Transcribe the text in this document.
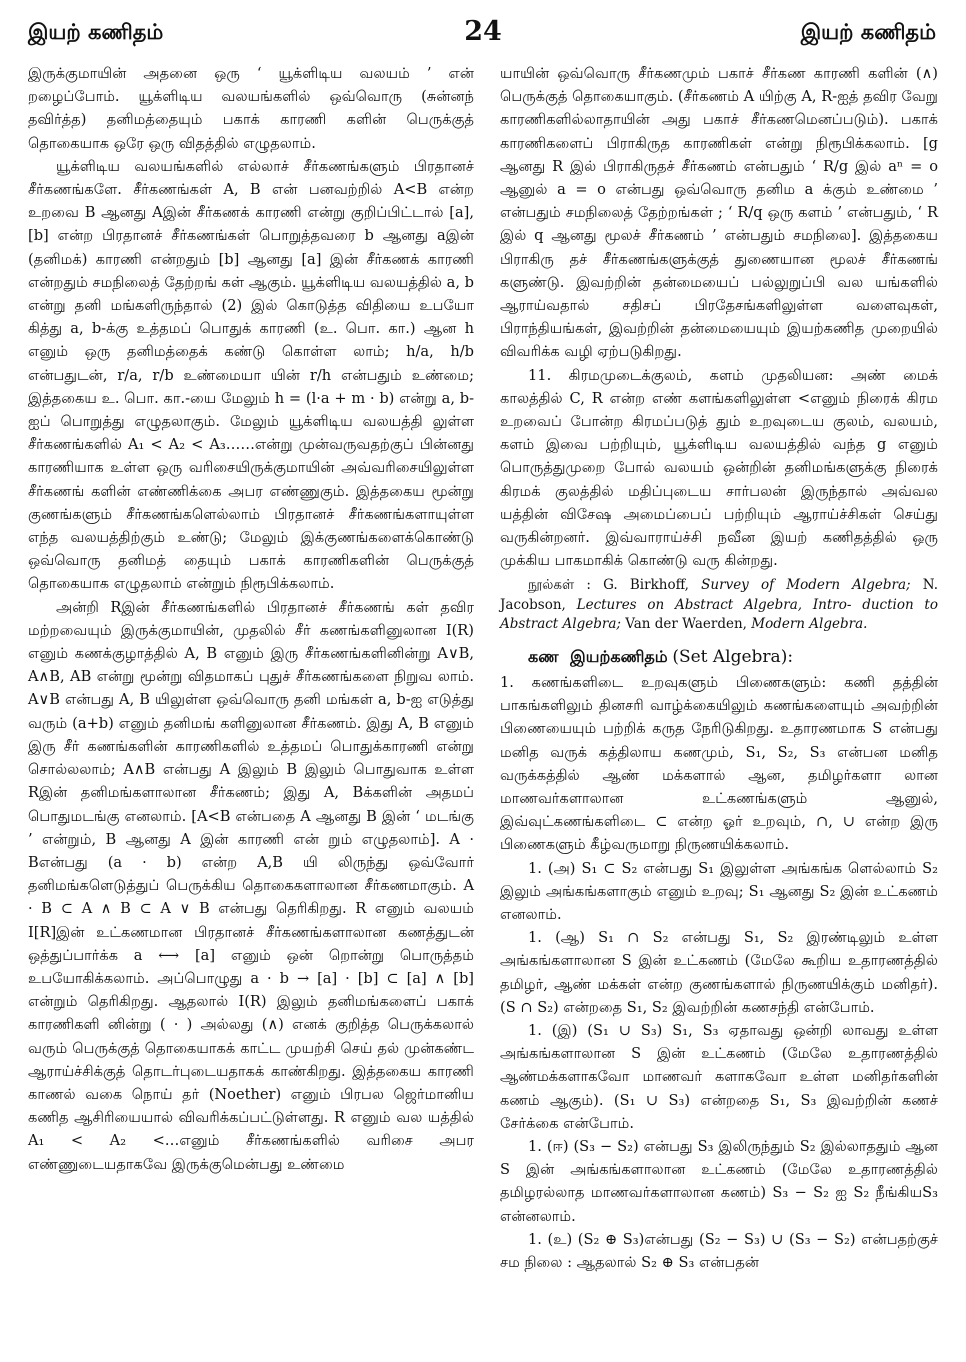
இயற் கணிதம்	24	இயற் கணிதம்

இருக்குமாயின் அதனை ஒரு ‘ யூக்ளிடிய வலயம் ’ என் றழைப்போம். யூக்ளிடிய வலயங்களில் ஒவ்வொரு (சுன்னந் தவிர்த்த) தனிமத்தையும் பகாக் காரணி களின் பெருக்குத் தொகையாக ஒரே ஒரு விதத்தில் எழுதலாம்.

யூக்ளிடிய வலயங்களில் எல்லாச் சீர்கணங்களும் பிரதானச் சீர்கணங்களே. சீர்கணங்கள் A, B என் பனவற்றில் A<B என்ற உறவை B ஆனது Aஇன் சீர்கணக் காரணி என்று குறிப்பிட்டால் [a], [b] என்ற பிரதானச் சீர்கணங்கள் பொறுத்தவரை b ஆனது aஇன் (தனிமக்) காரணி என்றதும் [b] ஆனது [a] இன் சீர்கணக் காரணி என்றதும் சமநிலைத் தேற்றங் கள் ஆகும். யூக்ளிடிய வலயத்தில் a, b என்று தனி மங்களிருந்தால் (2) இல் கொடுத்த விதியை உபயோ கித்து a, b-க்கு உத்தமப் பொதுக் காரணி (உ. பொ. கா.) ஆன h எனும் ஒரு தனிமத்தைக் கண்டு கொள்ள லாம்; h/a, h/b என்பதுடன், r/a, r/b உண்மையா யின் r/h என்பதும் உண்மை; இத்தகைய உ. பொ. கா.-யை மேலும் h = (l·a + m · b) என்று a, b-ஐப் பொறுத்து எழுதலாகும். மேலும் யூக்ளிடிய வலயத்தி லுள்ள சீர்கணங்களில் A₁ < A₂ < A₃……என்று முன்வருவதற்குப் பின்னது காரணியாக உள்ள ஒரு வரிசையிருக்குமாயின் அவ்வரிசையிலுள்ள சீர்கணங் களின் எண்ணிக்கை அபர எண்ணுகும். இத்தகைய மூன்று குணங்களும் சீர்கணங்களெல்லாம் பிரதானச் சீர்கணங்களாயுள்ள எந்த வலயத்திற்கும் உண்டு; மேலும் இக்குணங்களைக்கொண்டு ஒவ்வொரு தனிமத் தையும் பகாக் காரணிகளின் பெருக்குத் தொகையாக எழுதலாம் என்றும் நிரூபிக்கலாம்.

அன்றி Rஇன் சீர்கணங்களில் பிரதானச் சீர்கணங் கள் தவிர மற்றவையும் இருக்குமாயின், முதலில் சீர் கணங்களினுலான I(R) எனும் கணக்குழாத்தில் A, B எனும் இரு சீர்கணங்களினின்று A∨B, A∧B, AB என்று மூன்று விதமாகப் புதுச் சீர்கணங்களை நிறுவ லாம். A∨B என்பது A, B யிலுள்ள ஒவ்வொரு தனி மங்கள் a, b-ஐ எடுத்து வரும் (a+b) எனும் தனிமங் களினுலான சீர்கணம். இது A, B எனும் இரு சீர் கணங்களின் காரணிகளில் உத்தமப் பொதுக்காரணி என்று சொல்லலாம்; A∧B என்பது A இலும் B இலும் பொதுவாக உள்ள Rஇன் தனிமங்களாலான சீர்கணம்; இது A, Bக்களின் அதமப் பொதுமடங்கு எனலாம். [A<B என்பதை A ஆனது B இன் ‘ மடங்கு ’ என்றும், B ஆனது A இன் காரணி என் றும் எழுதலாம்]. A · Bஎன்பது (a · b) என்ற A,B யி லிருந்து ஒவ்வோர் தனிமங்களெடுத்துப் பெருக்கிய தொகைகளாலான சீர்கணமாகும். A · B ⊂ A ∧ B ⊂ A ∨ B என்பது தெரிகிறது. R எனும் வலயம் I[R]இன் உட்கணமான பிரதானச் சீர்கணங்களாலான கணத்துடன் ஒத்துப்பார்க்க a ⟷ [a] எனும் ஒன் றொன்று பொருத்தம் உபயோகிக்கலாம். அப்பொழுது a · b → [a] · [b] ⊂ [a] ∧ [b] என்றும் தெரிகிறது. ஆதலால் I(R) இலும் தனிமங்களைப் பகாக் காரணிகளி னின்று ( · ) அல்லது (∧) எனக் குறித்த பெருக்கலால் வரும் பெருக்குத் தொகையாகக் காட்ட முயற்சி செய் தல் முன்கண்ட ஆராய்ச்சிக்குத் தொடர்புடையதாகக் காண்கிறது. இத்தகைய காரணி காணல் வகை நொய் தர் (Noether) எனும் பிரபல ஜெர்மானிய கணித ஆசிரியையால் விவரிக்கப்பட்டுள்ளது. R எனும் வல யத்தில் A₁ < A₂ <…எனும் சீர்கணங்களில் வரிசை அபர எண்ணுடையதாகவே இருக்குமென்பது உண்மை

யாயின் ஒவ்வொரு சீர்கணமும் பகாச் சீர்கண காரணி களின் (∧) பெருக்குத் தொகையாகும். (சீர்கணம் A யிற்கு A, R-ஐத் தவிர வேறு காரணிகளில்லாதாயின் அது பகாச் சீர்கணமெனப்படும்). பகாக் காரணிகளைப் பிராகிருத காரணிகள் என்று நிரூபிக்கலாம். [g ஆனது R இல் பிராகிருதச் சீர்கணம் என்பதும் ‘ R/g இல் aⁿ = o ஆனுல் a = o என்பது ஒவ்வொரு தனிம a க்கும் உண்மை ’ என்பதும் சமநிலைத் தேற்றங்கள் ; ‘ R/q ஒரு களம் ’ என்பதும், ‘ R இல் q ஆனது மூலச் சீர்கணம் ’ என்பதும் சமநிலை]. இத்தகைய பிராகிரு தச் சீர்கணங்களுக்குத் துணையான மூலச் சீர்கணங் களுண்டு. இவற்றின் தன்மையைப் பல்லுறுப்பி வல யங்களில் ஆராய்வதால் சதிசப் பிரதேசங்களிலுள்ள வளைவுகள், பிராந்தியங்கள், இவற்றின் தன்மையையும் இயற்கணித முறையில் விவரிக்க வழி ஏற்படுகிறது.

11. கிரமமுடைக்குலம், களம் முதலியன: அண் மைக் காலத்தில் C, R என்ற எண் களங்களிலுள்ள <எனும் நிரைக் கிரம உறவைப் போன்ற கிரமப்படுத் தும் உறவுடைய குலம், வலயம், களம் இவை பற்றியும், யூக்ளிடிய வலயத்தில் வந்த g எனும் பொருத்துமுறை போல் வலயம் ஒன்றின் தனிமங்களுக்கு நிரைக் கிரமக் குலத்தில் மதிப்புடைய சார்பலன் இருந்தால் அவ்வல யத்தின் விசேஷ அமைப்பைப் பற்றியும் ஆராய்ச்சிகள் செய்து வருகின்றனர். இவ்வாராய்ச்சி நவீன இயற் கணிதத்தில் ஒரு முக்கிய பாகமாகிக் கொண்டு வரு கின்றது.

நூல்கள் : G. Birkhoff, Survey of Modern Algebra; N. Jacobson, Lectures on Abstract Algebra, Intro- duction to Abstract Algebra; Van der Waerden, Modern Algebra.

கண இயற்கணிதம் (Set Algebra):

1. கணங்களிடை உறவுகளும் பிணைகளும்: கணி தத்தின் பாகங்களிலும் தினசரி வாழ்க்கையிலும் கணங்களையும் அவற்றின் பிணையையும் பற்றிக் கருத நேரிடுகிறது. உதாரணமாக S என்பது மனித வருக் கத்திலாய கணமும், S₁, S₂, S₃ என்பன மனித வருக்கத்தில் ஆண் மக்களால் ஆன, தமிழர்களா லான மாணவர்களாலான உட்கணங்களும் ஆனுல், இவ்வுட்கணங்களிடை ⊂ என்ற ஓர் உறவும், ∩, ∪ என்ற இரு பிணைகளும் கீழ்வருமாறு நிருணயிக்கலாம்.

1. (அ) S₁ ⊂ S₂ என்பது S₁ இலுள்ள அங்கங்க ளெல்லாம் S₂ இலும் அங்கங்களாகும் எனும் உறவு; S₁ ஆனது S₂ இன் உட்கணம் எனலாம்.

1. (ஆ) S₁ ∩ S₂ என்பது S₁, S₂ இரண்டிலும் உள்ள அங்கங்களாலான S இன் உட்கணம் (மேலே கூறிய உதாரணத்தில் தமிழர், ஆண் மக்கள் என்ற குணங்களால் நிருணயிக்கும் மனிதர்). (S ∩ S₂) என்றதை S₁, S₂ இவற்றின் கணசந்தி என்போம்.

1. (இ) (S₁ ∪ S₃) S₁, S₃ ஏதாவது ஒன்றி லாவது உள்ள அங்கங்களாலான S இன் உட்கணம் (மேலே உதாரணத்தில் ஆண்மக்களாகவோ மாணவர் களாகவோ உள்ள மனிதர்களின் கணம் ஆகும்). (S₁ ∪ S₃) என்றதை S₁, S₃ இவற்றின் கணச் சேர்க்கை என்போம்.

1. (ஈ) (S₃ − S₂) என்பது S₃ இலிருந்தும் S₂ இல்லாததும் ஆன S இன் அங்கங்களாலான உட்கணம் (மேலே உதாரணத்தில் தமிழரல்லாத மாணவர்களாலான கணம்) S₃ − S₂ ஐ S₂ நீங்கியS₃ என்னலாம்.

1. (உ) (S₂ ⊕ S₃)என்பது (S₂ − S₃) ∪ (S₃ − S₂) என்பதற்குச் சம நிலை : ஆதலால் S₂ ⊕ S₃ என்பதன்
